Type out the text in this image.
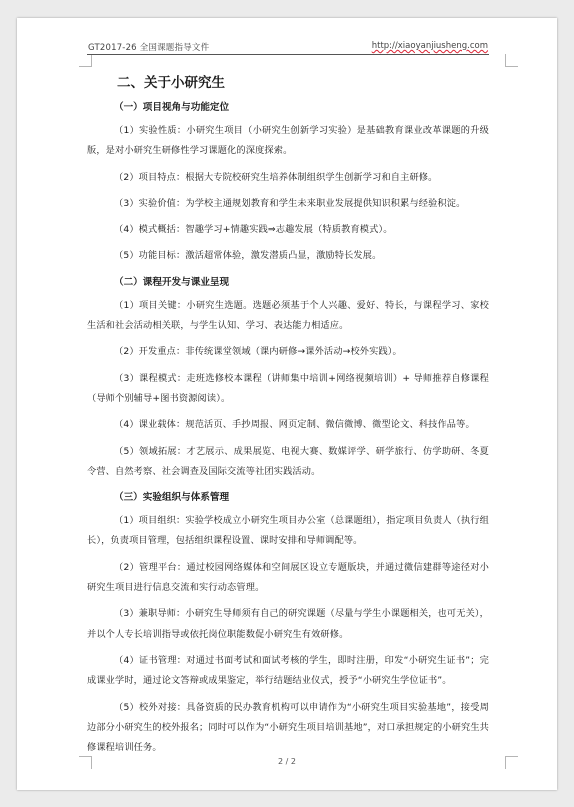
GT2017-26 全国课题指导文件	http://xiaoyanjiusheng.com
二、关于小研究生
（一）项目视角与功能定位

（1）实验性质：小研究生项目（小研究生创新学习实验）是基础教育课业改革课题的升级版，是对小研究生研修性学习课题化的深度探索。

（2）项目特点：根据大专院校研究生培养体制组织学生创新学习和自主研修。

（3）实验价值：为学校主通规划教育和学生未来职业发展提供知识积累与经验积淀。

（4）模式概括：智趣学习+情趣实践⇒志趣发展（特质教育模式）。

（5）功能目标：激活超常体验，激发潜质凸显，激励特长发展。

（二）课程开发与课业呈现

（1）项目关键：小研究生选题。选题必须基于个人兴趣、爱好、特长，与课程学习、家校生活和社会活动相关联，与学生认知、学习、表达能力相适应。

（2）开发重点：非传统课堂领域（课内研修→课外活动→校外实践）。

（3）课程模式：走班选修校本课程（讲师集中培训+网络视频培训）+ 导师推荐自修课程（导师个别辅导+图书资源阅读）。

（4）课业载体：规范活页、手抄周报、网页定制、微信微博、微型论文、科技作品等。

（5）领域拓展：才艺展示、成果展览、电视大赛、数媒评学、研学旅行、仿学助研、冬夏令营、自然考察、社会调查及国际交流等社团实践活动。

（三）实验组织与体系管理

（1）项目组织：实验学校成立小研究生项目办公室（总课题组），指定项目负责人（执行组长），负责项目管理，包括组织课程设置、课时安排和导师调配等。

（2）管理平台：通过校园网络媒体和空间展区设立专题版块，并通过微信建群等途径对小研究生项目进行信息交流和实行动态管理。

（3）兼职导师：小研究生导师须有自己的研究课题（尽量与学生小课题相关，也可无关），并以个人专长培训指导或依托岗位职能数促小研究生有效研修。

（4）证书管理：对通过书面考试和面试考核的学生，即时注册，印发“小研究生证书”；完成课业学时，通过论文答辩或成果鉴定，举行结题结业仪式，授予“小研究生学位证书”。

（5）校外对接：具备资质的民办教育机构可以申请作为“小研究生项目实验基地”，接受周边部分小研究生的校外报名；同时可以作为“小研究生项目培训基地”，对口承担规定的小研究生共修课程培训任务。

2 / 2
